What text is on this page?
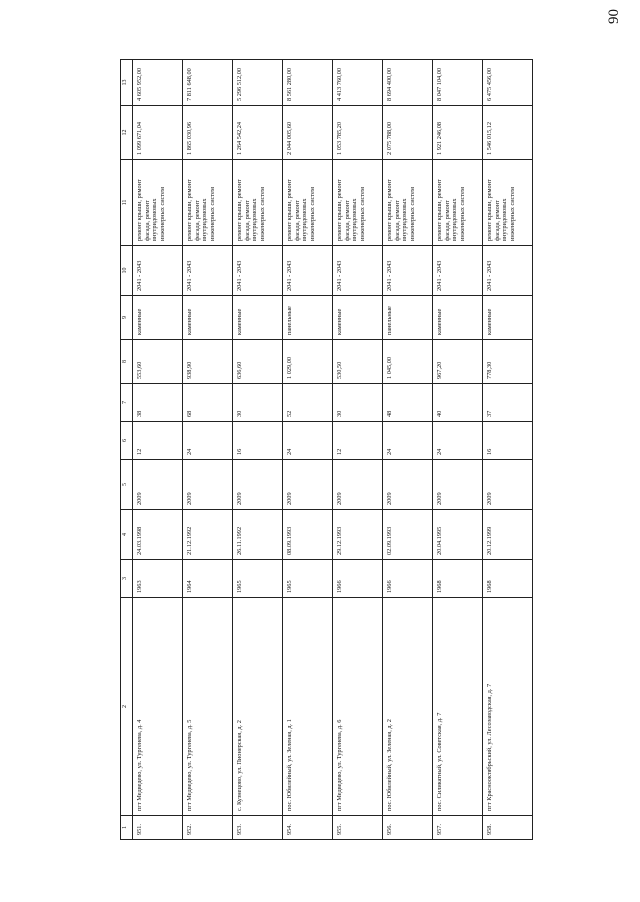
90
1	2	3	4	5	6	7	8	9	10	11	12	13
951.	пгт Медведево, ул. Тургенева, д. 4	1963	24.03.1998	2009	12	38	553,60	каменные	2041 - 2043	ремонт крыши, ремонт фасада, ремонт внутридомовых инженерных систем	1 099 671,04	4 605 952,00
952.	пгт Медведево, ул. Тургенева, д. 5	1964	21.12.1992	2009	24	68	938,90	каменные	2041 - 2043	ремонт крыши, ремонт фасада, ремонт внутридомовых инженерных систем	1 865 030,96	7 811 648,00
953.	с. Кузнецово, ул. Пионерская, д. 2	1965	26.11.1992	2009	16	30	636,60	каменные	2041 - 2043	ремонт крыши, ремонт фасада, ремонт внутридомовых инженерных систем	1 264 542,24	5 296 512,00
954.	пос. Юбилейный, ул. Зеленая, д. 1	1965	08.09.1993	2009	24	52	1 029,00	панельные	2041 - 2043	ремонт крыши, ремонт фасада, ремонт внутридомовых инженерных систем	2 044 005,60	8 561 280,00
955.	пгт Медведево, ул. Тургенева, д. 6	1966	29.12.1993	2009	12	30	530,50	каменные	2041 - 2043	ремонт крыши, ремонт фасада, ремонт внутридомовых инженерных систем	1 053 785,20	4 413 760,00
956.	пос. Юбилейный, ул. Зеленая, д. 2	1966	02.09.1993	2009	24	48	1 045,00	панельные	2041 - 2043	ремонт крыши, ремонт фасада, ремонт внутридомовых инженерных систем	2 075 788,00	8 694 400,00
957.	пос. Силикатный, ул. Советская, д. 7	1968	20.04.1995	2009	24	40	967,20	каменные	2041 - 2043	ремонт крыши, ремонт фасада, ремонт внутридомовых инженерных систем	1 921 246,08	8 047 104,00
958.	пгт Краснооктябрьский, ул. Лесозаводская, д. 7	1968	20.12.1999	2009	16	37	778,30	каменные	2041 - 2043	ремонт крыши, ремонт фасада, ремонт внутридомовых инженерных систем	1 546 015,12	6 475 456,00
